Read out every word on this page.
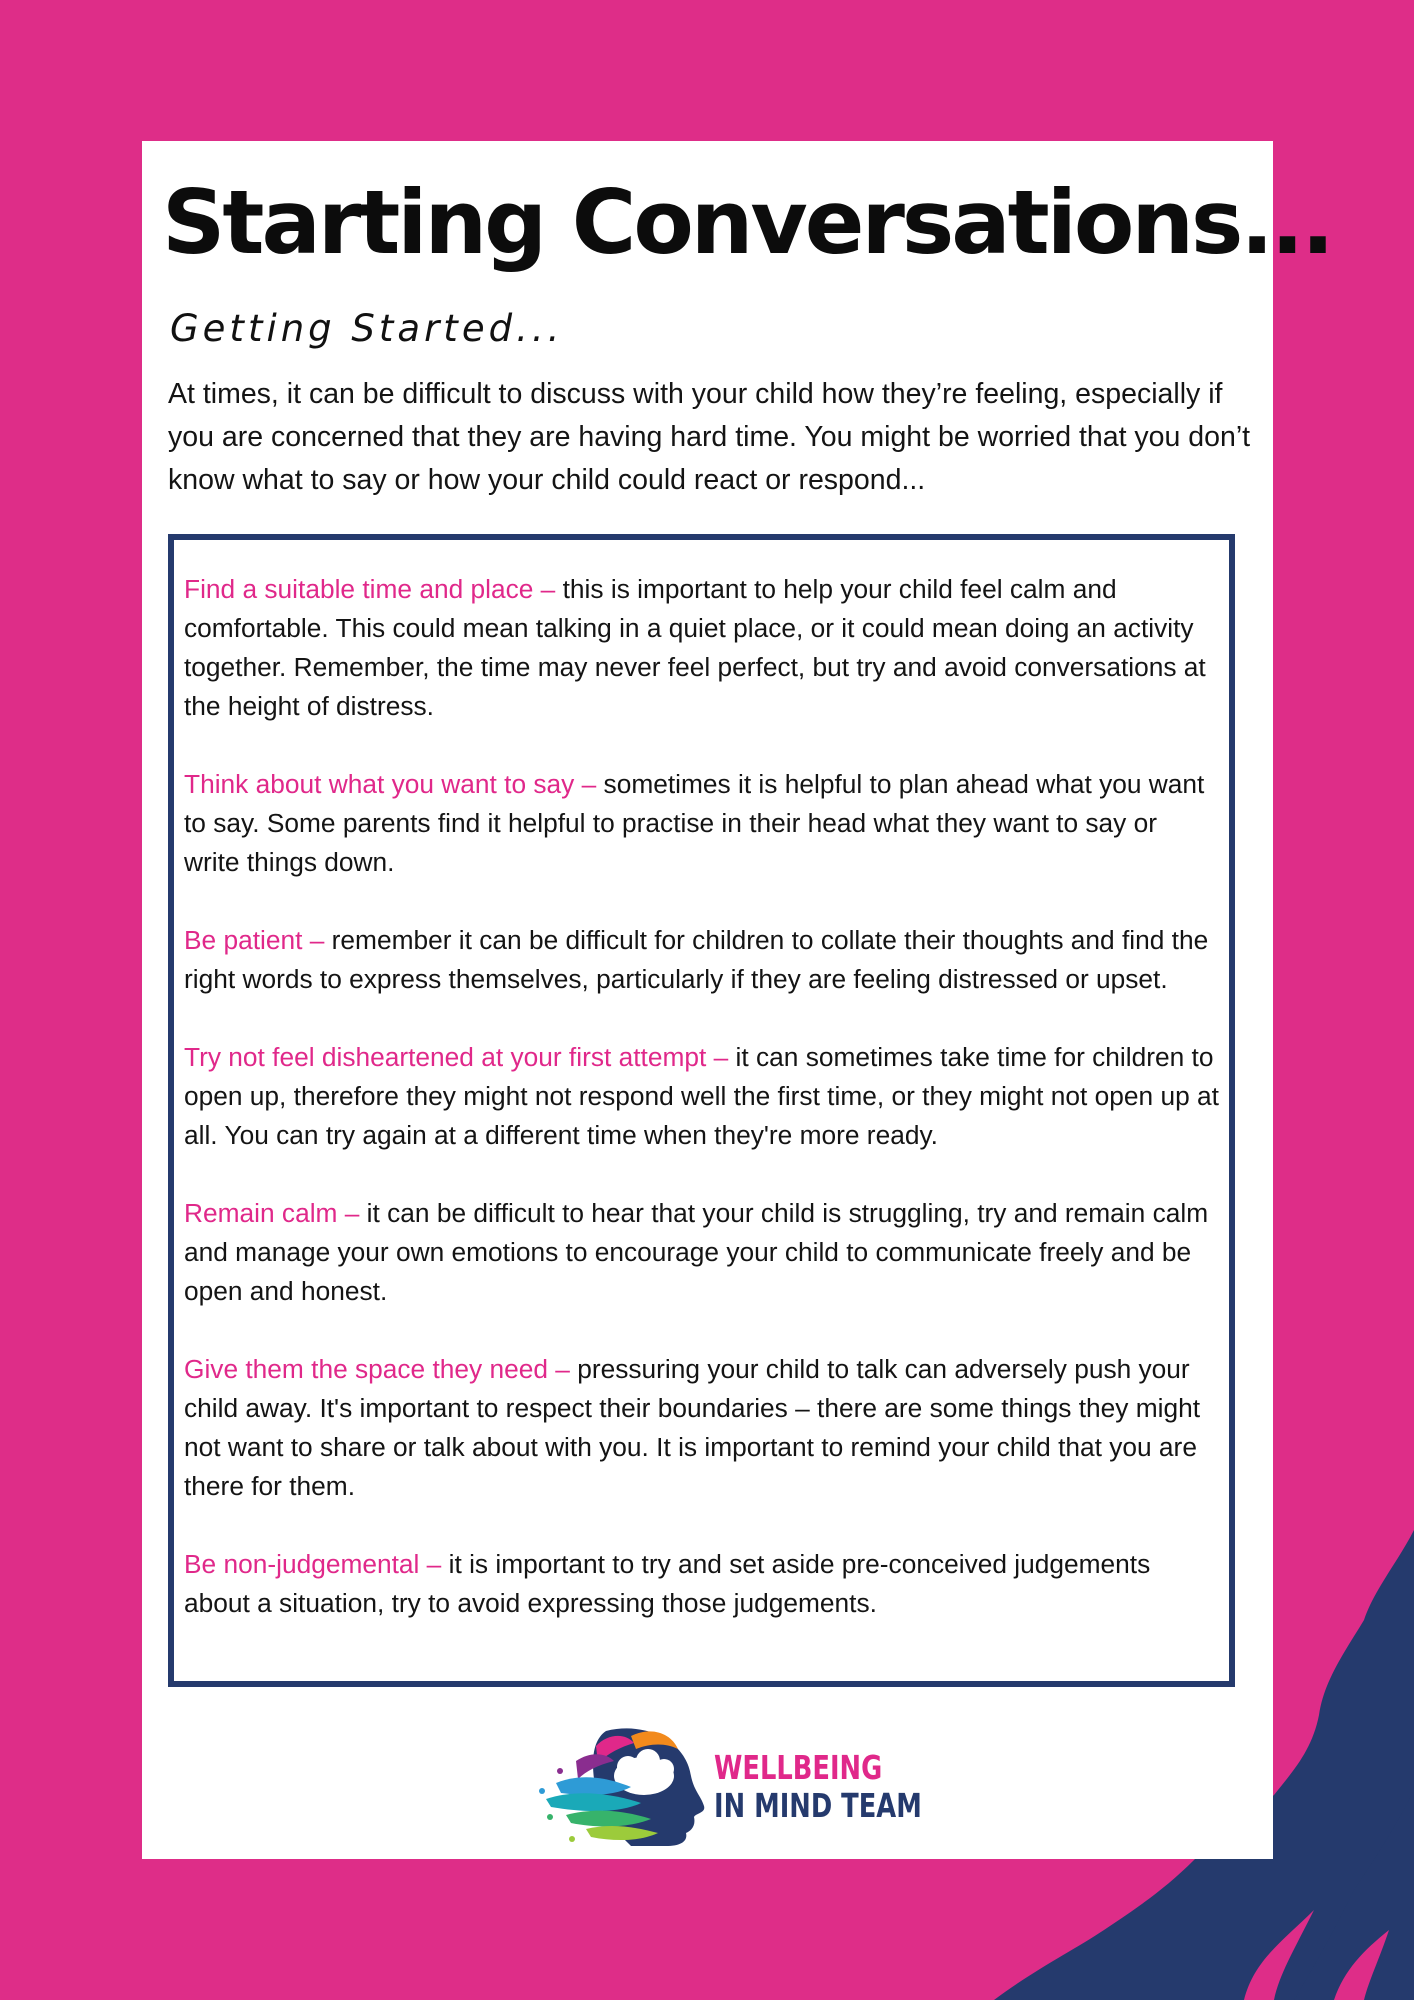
Starting Conversations...
Getting Started...

At times, it can be difficult to discuss with your child how they’re feeling, especially if you are concerned that they are having hard time. You might be worried that you don’t know what to say or how your child could react or respond...

Find a suitable time and place – this is important to help your child feel calm and comfortable. This could mean talking in a quiet place, or it could mean doing an activity together. Remember, the time may never feel perfect, but try and avoid conversations at the height of distress.

Think about what you want to say – sometimes it is helpful to plan ahead what you want to say. Some parents find it helpful to practise in their head what they want to say or write things down.

Be patient – remember it can be difficult for children to collate their thoughts and find the right words to express themselves, particularly if they are feeling distressed or upset.

Try not feel disheartened at your first attempt – it can sometimes take time for children to open up, therefore they might not respond well the first time, or they might not open up at all. You can try again at a different time when they're more ready.

Remain calm – it can be difficult to hear that your child is struggling, try and remain calm and manage your own emotions to encourage your child to communicate freely and be open and honest.

Give them the space they need – pressuring your child to talk can adversely push your child away. It's important to respect their boundaries – there are some things they might not want to share or talk about with you. It is important to remind your child that you are there for them.

Be non-judgemental – it is important to try and set aside pre-conceived judgements about a situation, try to avoid expressing those judgements.

WELLBEING
IN MIND TEAM
